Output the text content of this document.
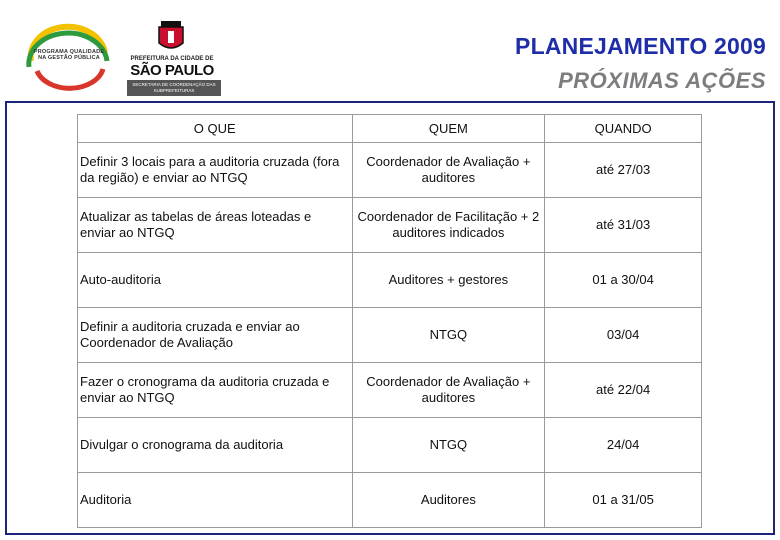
PROGRAMA QUALIDADE NA GESTÃO PÚBLICA	PREFEITURA DA CIDADE DE
SÃO PAULO
SECRETARIA DE COORDENAÇÃO DAS SUBPREFEITURAS
PLANEJAMENTO 2009
PRÓXIMAS AÇÕES
O QUE	QUEM	QUANDO
Definir 3 locais para a auditoria cruzada (fora da região) e enviar ao NTGQ	Coordenador de Avaliação + auditores	até 27/03
Atualizar as tabelas de áreas loteadas e enviar ao NTGQ	Coordenador de Facilitação + 2 auditores indicados	até 31/03
Auto-auditoria	Auditores + gestores	01 a 30/04
Definir a auditoria cruzada e enviar ao Coordenador de Avaliação	NTGQ	03/04
Fazer o cronograma da auditoria cruzada e enviar ao NTGQ	Coordenador de Avaliação + auditores	até 22/04
Divulgar o cronograma da auditoria	NTGQ	24/04
Auditoria	Auditores	01 a 31/05
